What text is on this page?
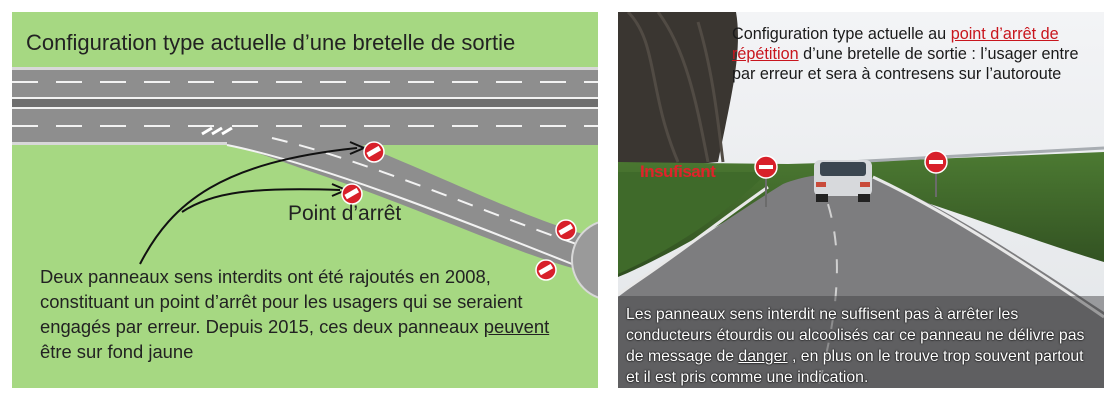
Configuration type actuelle d’une bretelle de sortie
Point d’arrêt
Deux panneaux sens interdits ont été rajoutés en 2008, constituant un point d’arrêt pour les usagers qui se seraient engagés par erreur. Depuis 2015, ces deux panneaux peuvent être sur fond jaune
Configuration type actuelle au point d’arrêt de répétition d’une bretelle de sortie : l’usager entre par erreur et sera à contresens sur l’autoroute
Insufisant
Les panneaux sens interdit ne suffisent pas à arrêter les conducteurs étourdis ou alcoolisés car ce panneau ne délivre pas de message de danger , en plus on le trouve trop souvent partout et il est pris comme une indication.
